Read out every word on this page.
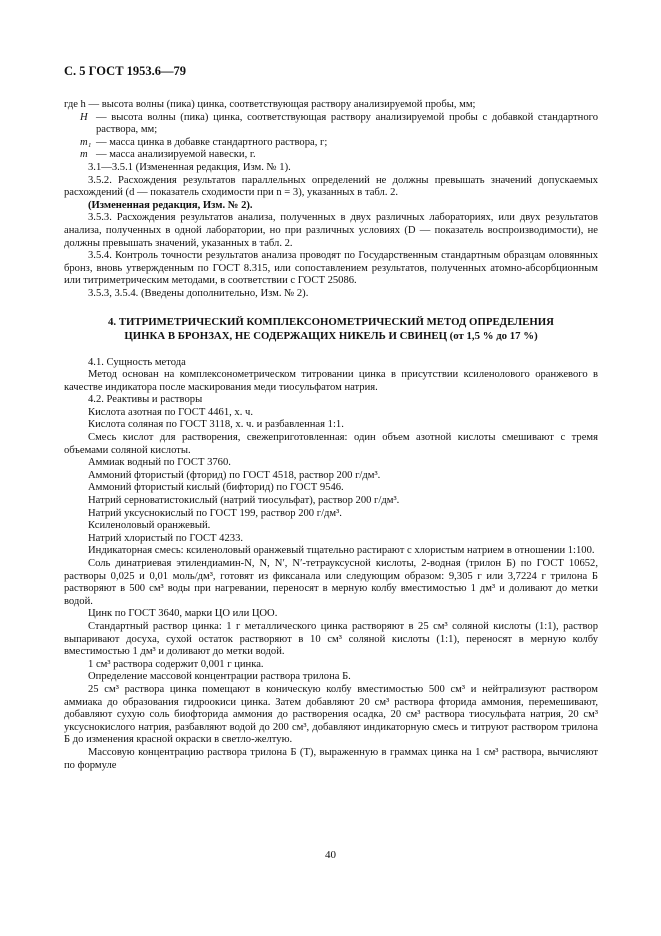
С. 5 ГОСТ 1953.6—79

где h — высота волны (пика) цинка, соответствующая раствору анализируемой пробы, мм;

H — высота волны (пика) цинка, соответствующая раствору анализируемой пробы с добавкой стандартного раствора, мм;
m₁ — масса цинка в добавке стандартного раствора, г;
m — масса анализируемой навески, г.

3.1—3.5.1 (Измененная редакция, Изм. № 1).

3.5.2. Расхождения результатов параллельных определений не должны превышать значений допускаемых расхождений (d — показатель сходимости при n = 3), указанных в табл. 2.

(Измененная редакция, Изм. № 2).

3.5.3. Расхождения результатов анализа, полученных в двух различных лабораториях, или двух результатов анализа, полученных в одной лаборатории, но при различных условиях (D — показатель воспроизводимости), не должны превышать значений, указанных в табл. 2.

3.5.4. Контроль точности результатов анализа проводят по Государственным стандартным образцам оловянных бронз, вновь утвержденным по ГОСТ 8.315, или сопоставлением результатов, полученных атомно-абсорбционным или титриметрическим методами, в соответствии с ГОСТ 25086.

3.5.3, 3.5.4. (Введены дополнительно, Изм. № 2).

4. ТИТРИМЕТРИЧЕСКИЙ КОМПЛЕКСОНОМЕТРИЧЕСКИЙ МЕТОД ОПРЕДЕЛЕНИЯ
ЦИНКА В БРОНЗАХ, НЕ СОДЕРЖАЩИХ НИКЕЛЬ И СВИНЕЦ (от 1,5 % до 17 %)

4.1. Сущность метода

Метод основан на комплексонометрическом титровании цинка в присутствии ксиленолового оранжевого в качестве индикатора после маскирования меди тиосульфатом натрия.

4.2. Реактивы и растворы

Кислота азотная по ГОСТ 4461, х. ч.

Кислота соляная по ГОСТ 3118, х. ч. и разбавленная 1:1.

Смесь кислот для растворения, свежеприготовленная: один объем азотной кислоты смешивают с тремя объемами соляной кислоты.

Аммиак водный по ГОСТ 3760.

Аммоний фтористый (фторид) по ГОСТ 4518, раствор 200 г/дм³.

Аммоний фтористый кислый (бифторид) по ГОСТ 9546.

Натрий серноватистокислый (натрий тиосульфат), раствор 200 г/дм³.

Натрий уксуснокислый по ГОСТ 199, раствор 200 г/дм³.

Ксиленоловый оранжевый.

Натрий хлористый по ГОСТ 4233.

Индикаторная смесь: ксиленоловый оранжевый тщательно растирают с хлористым натрием в отношении 1:100.

Соль динатриевая этилендиамин-N, N, N′, N′-тетрауксусной кислоты, 2-водная (трилон Б) по ГОСТ 10652, растворы 0,025 и 0,01 моль/дм³, готовят из фиксанала или следующим образом: 9,305 г или 3,7224 г трилона Б растворяют в 500 см³ воды при нагревании, переносят в мерную колбу вместимостью 1 дм³ и доливают до метки водой.

Цинк по ГОСТ 3640, марки ЦО или ЦОО.

Стандартный раствор цинка: 1 г металлического цинка растворяют в 25 см³ соляной кислоты (1:1), раствор выпаривают досуха, сухой остаток растворяют в 10 см³ соляной кислоты (1:1), переносят в мерную колбу вместимостью 1 дм³ и доливают до метки водой.

1 см³ раствора содержит 0,001 г цинка.

Определение массовой концентрации раствора трилона Б.

25 см³ раствора цинка помещают в коническую колбу вместимостью 500 см³ и нейтрализуют раствором аммиака до образования гидроокиси цинка. Затем добавляют 20 см³ раствора фторида аммония, перемешивают, добавляют сухую соль биофторида аммония до растворения осадка, 20 см³ раствора тиосульфата натрия, 20 см³ уксуснокислого натрия, разбавляют водой до 200 см³, добавляют индикаторную смесь и титруют раствором трилона Б до изменения красной окраски в светло-желтую.

Массовую концентрацию раствора трилона Б (Т), выраженную в граммах цинка на 1 см³ раствора, вычисляют по формуле

40
